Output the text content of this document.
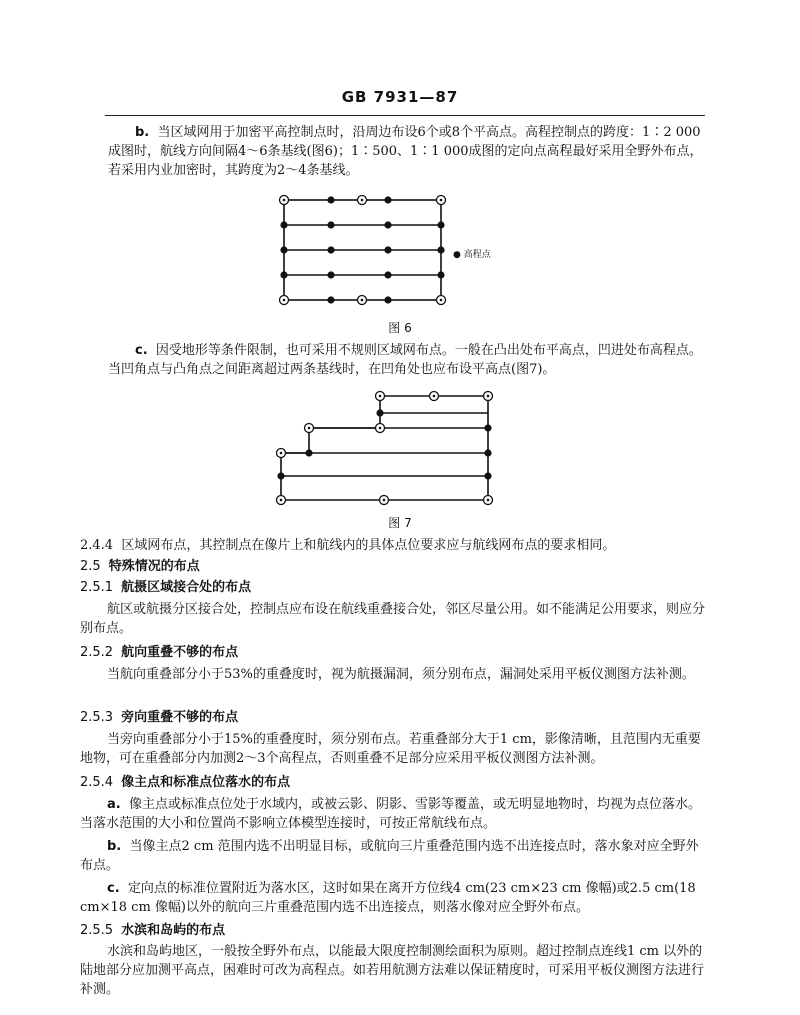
GB 7931—87

b. 当区域网用于加密平高控制点时，沿周边布设6个或8个平高点。高程控制点的跨度：1∶2 000成图时，航线方向间隔4～6条基线(图6)；1∶500、1∶1 000成图的定向点高程最好采用全野外布点，若采用内业加密时，其跨度为2～4条基线。

● 高程点
图 6

c. 因受地形等条件限制，也可采用不规则区域网布点。一般在凸出处布平高点，凹进处布高程点。当凹角点与凸角点之间距离超过两条基线时，在凹角处也应布设平高点(图7)。

图 7

2.4.4 区域网布点，其控制点在像片上和航线内的具体点位要求应与航线网布点的要求相同。

2.5 特殊情况的布点

2.5.1 航摄区域接合处的布点

航区或航摄分区接合处，控制点应布设在航线重叠接合处，邻区尽量公用。如不能满足公用要求，则应分别布点。

2.5.2 航向重叠不够的布点

当航向重叠部分小于53%的重叠度时，视为航摄漏洞，须分别布点，漏洞处采用平板仪测图方法补测。

2.5.3 旁向重叠不够的布点

当旁向重叠部分小于15%的重叠度时，须分别布点。若重叠部分大于1 cm，影像清晰，且范围内无重要地物，可在重叠部分内加测2～3个高程点，否则重叠不足部分应采用平板仪测图方法补测。

2.5.4 像主点和标准点位落水的布点

a. 像主点或标准点位处于水域内，或被云影、阴影、雪影等覆盖，或无明显地物时，均视为点位落水。当落水范围的大小和位置尚不影响立体模型连接时，可按正常航线布点。

b. 当像主点2 cm 范围内选不出明显目标，或航向三片重叠范围内选不出连接点时，落水象对应全野外布点。

c. 定向点的标准位置附近为落水区，这时如果在离开方位线4 cm(23 cm×23 cm 像幅)或2.5 cm(18 cm×18 cm 像幅)以外的航向三片重叠范围内选不出连接点，则落水像对应全野外布点。

2.5.5 水滨和岛屿的布点

水滨和岛屿地区，一般按全野外布点，以能最大限度控制测绘面积为原则。超过控制点连线1 cm 以外的陆地部分应加测平高点，困难时可改为高程点。如若用航测方法难以保证精度时，可采用平板仪测图方法进行补测。
